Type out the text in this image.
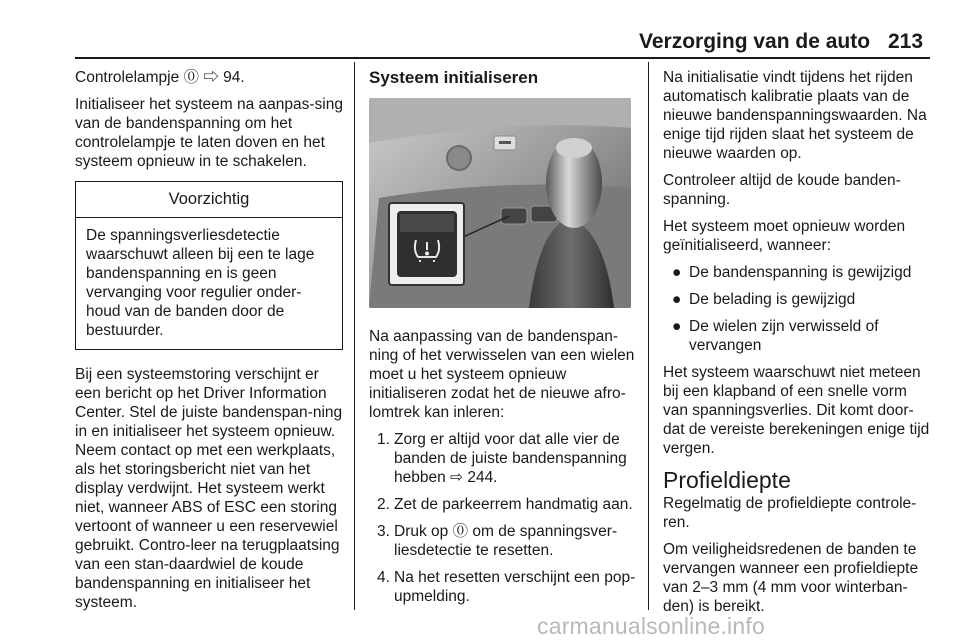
Verzorging van de auto 213

Controlelampje ⓪ ⇨ 94.

Initialiseer het systeem na aanpas-sing van de bandenspanning om het controlelampje te laten doven en het systeem opnieuw in te schakelen.

Voorzichtig
De spanningsverliesdetectie waarschuwt alleen bij een te lage bandenspanning en is geen vervanging voor regulier onder-houd van de banden door de bestuurder.

Bij een systeemstoring verschijnt er een bericht op het Driver Information Center. Stel de juiste bandenspan-ning in en initialiseer het systeem opnieuw. Neem contact op met een werkplaats, als het storingsbericht niet van het display verdwijnt. Het systeem werkt niet, wanneer ABS of ESC een storing vertoont of wanneer u een reservewiel gebruikt. Contro-leer na terugplaatsing van een stan-daardwiel de koude bandenspanning en initialiseer het systeem.

Systeem initialiseren

Na aanpassing van de bandenspan-ning of het verwisselen van een wielen moet u het systeem opnieuw initialiseren zodat het de nieuwe afro-lomtrek kan inleren:

1. Zorg er altijd voor dat alle vier de banden de juiste bandenspanning hebben ⇨ 244.
2. Zet de parkeerrem handmatig aan.
3. Druk op ⓪ om de spanningsver-liesdetectie te resetten.
4. Na het resetten verschijnt een pop-upmelding.

Na initialisatie vindt tijdens het rijden automatisch kalibratie plaats van de nieuwe bandenspanningswaarden. Na enige tijd rijden slaat het systeem de nieuwe waarden op.

Controleer altijd de koude banden-spanning.

Het systeem moet opnieuw worden geïnitialiseerd, wanneer:

● De bandenspanning is gewijzigd
● De belading is gewijzigd
● De wielen zijn verwisseld of vervangen

Het systeem waarschuwt niet meteen bij een klapband of een snelle vorm van spanningsverlies. Dit komt door-dat de vereiste berekeningen enige tijd vergen.

Profieldiepte

Regelmatig de profieldiepte controle-ren.

Om veiligheidsredenen de banden te vervangen wanneer een profieldiepte van 2–3 mm (4 mm voor winterban-den) is bereikt.

carmanualsonline.info
